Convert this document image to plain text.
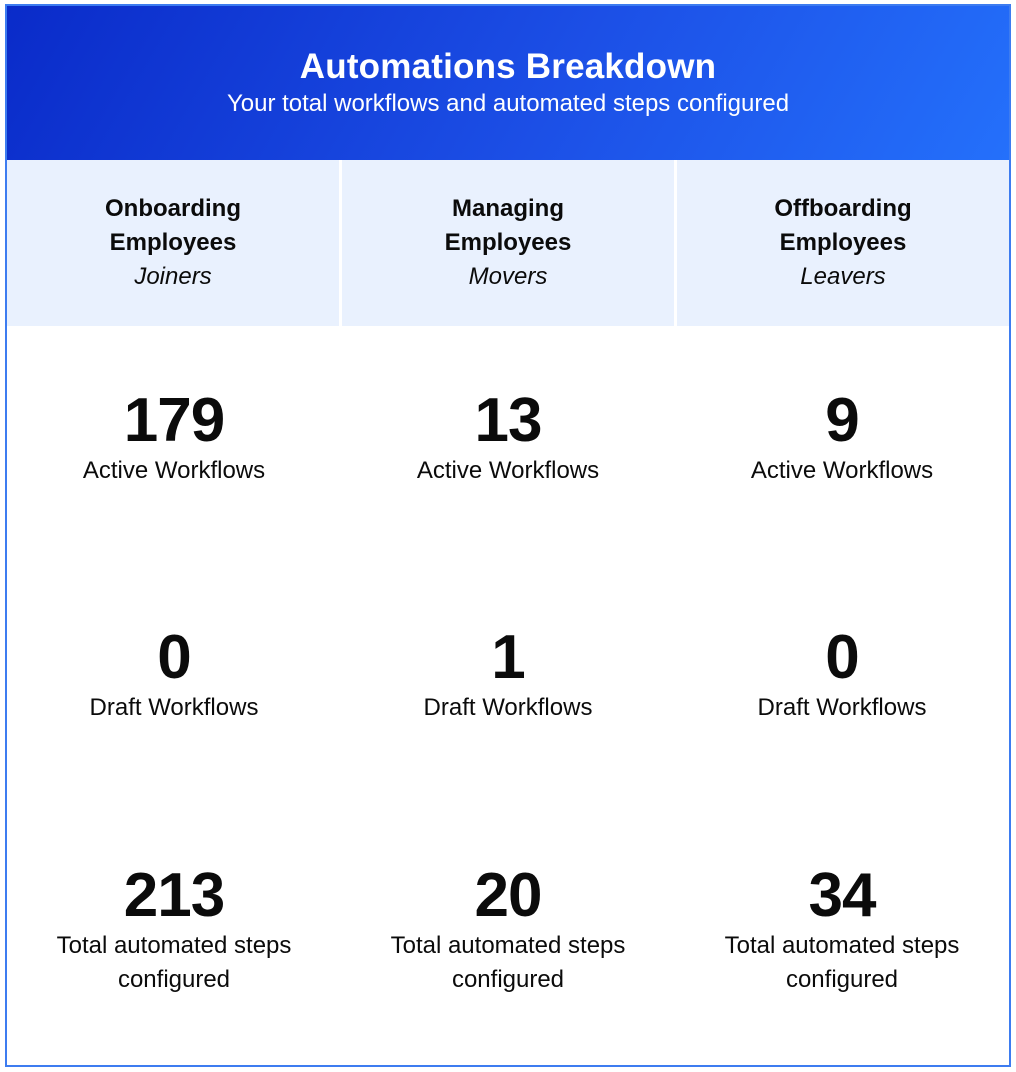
Automations Breakdown
Your total workflows and automated steps configured
Onboarding
Employees
Joiners
Managing
Employees
Movers
Offboarding
Employees
Leavers
179
Active Workflows
0
Draft Workflows
213
Total automated steps configured
13
Active Workflows
1
Draft Workflows
20
Total automated steps configured
9
Active Workflows
0
Draft Workflows
34
Total automated steps configured
